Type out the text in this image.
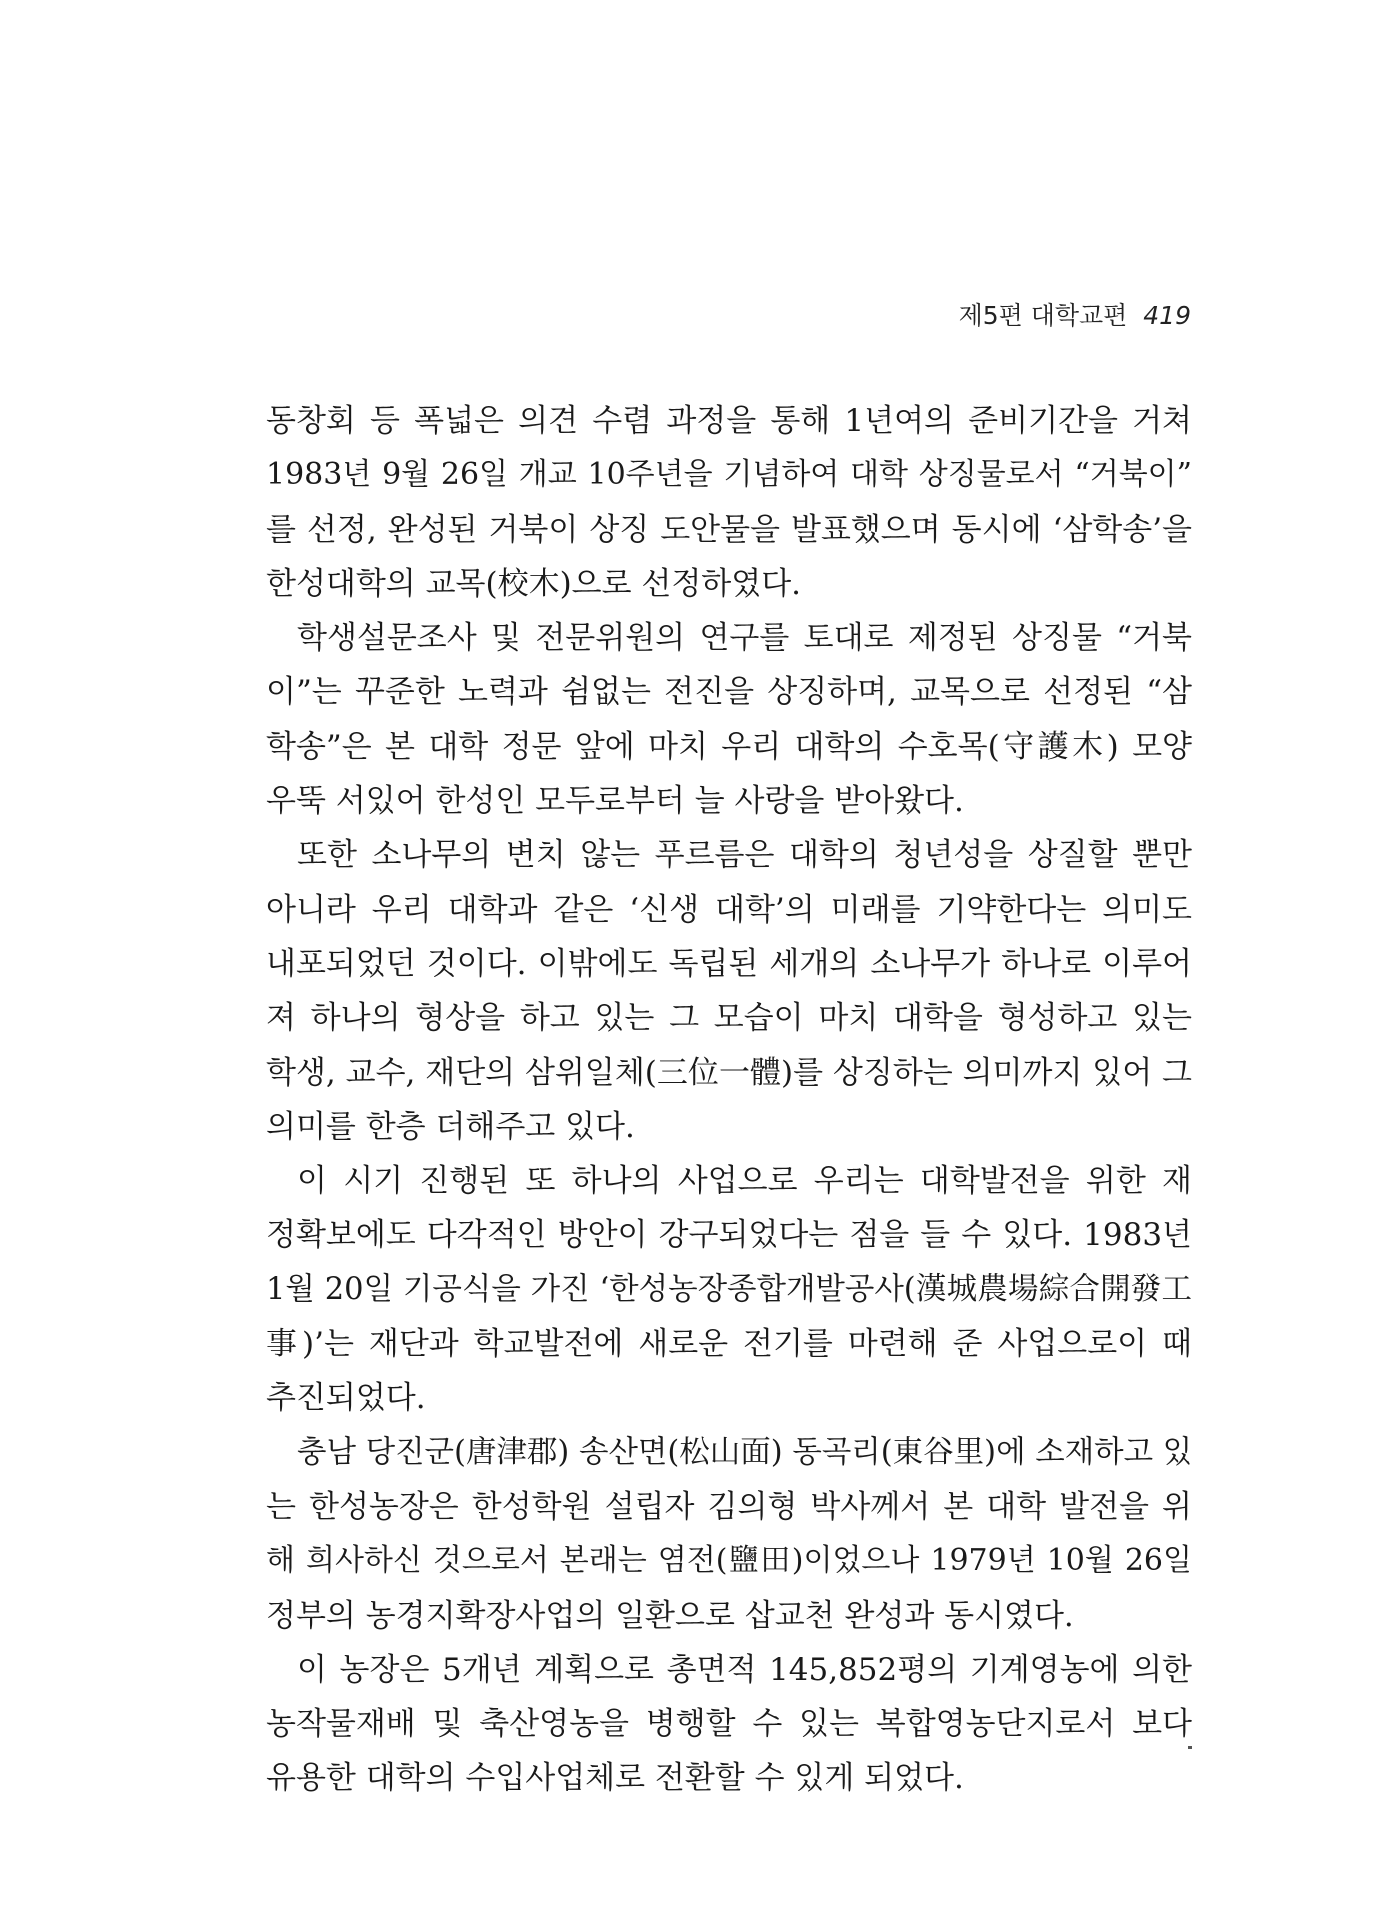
제5편 대학교편 419
동창회 등 폭넓은 의견 수렴 과정을 통해 1년여의 준비기간을 거쳐
1983년 9월 26일 개교 10주년을 기념하여 대학 상징물로서 “거북이”
를 선정, 완성된 거북이 상징 도안물을 발표했으며 동시에 ‘삼학송’을
한성대학의 교목(校木)으로 선정하였다.
학생설문조사 및 전문위원의 연구를 토대로 제정된 상징물 “거북
이”는 꾸준한 노력과 쉼없는 전진을 상징하며, 교목으로 선정된 “삼
학송”은 본 대학 정문 앞에 마치 우리 대학의 수호목(守護木) 모양
우뚝 서있어 한성인 모두로부터 늘 사랑을 받아왔다.
또한 소나무의 변치 않는 푸르름은 대학의 청년성을 상질할 뿐만
아니라 우리 대학과 같은 ‘신생 대학’의 미래를 기약한다는 의미도
내포되었던 것이다. 이밖에도 독립된 세개의 소나무가 하나로 이루어
져 하나의 형상을 하고 있는 그 모습이 마치 대학을 형성하고 있는
학생, 교수, 재단의 삼위일체(三位一體)를 상징하는 의미까지 있어 그
의미를 한층 더해주고 있다.
이 시기 진행된 또 하나의 사업으로 우리는 대학발전을 위한 재
정확보에도 다각적인 방안이 강구되었다는 점을 들 수 있다. 1983년
1월 20일 기공식을 가진 ‘한성농장종합개발공사(漢城農場綜合開發工
事)’는 재단과 학교발전에 새로운 전기를 마련해 준 사업으로이 때
추진되었다.
충남 당진군(唐津郡) 송산면(松山面) 동곡리(東谷里)에 소재하고 있
는 한성농장은 한성학원 설립자 김의형 박사께서 본 대학 발전을 위
해 희사하신 것으로서 본래는 염전(鹽田)이었으나 1979년 10월 26일
정부의 농경지확장사업의 일환으로 삽교천 완성과 동시였다.
이 농장은 5개년 계획으로 총면적 145,852평의 기계영농에 의한
농작물재배 및 축산영농을 병행할 수 있는 복합영농단지로서 보다
유용한 대학의 수입사업체로 전환할 수 있게 되었다.
